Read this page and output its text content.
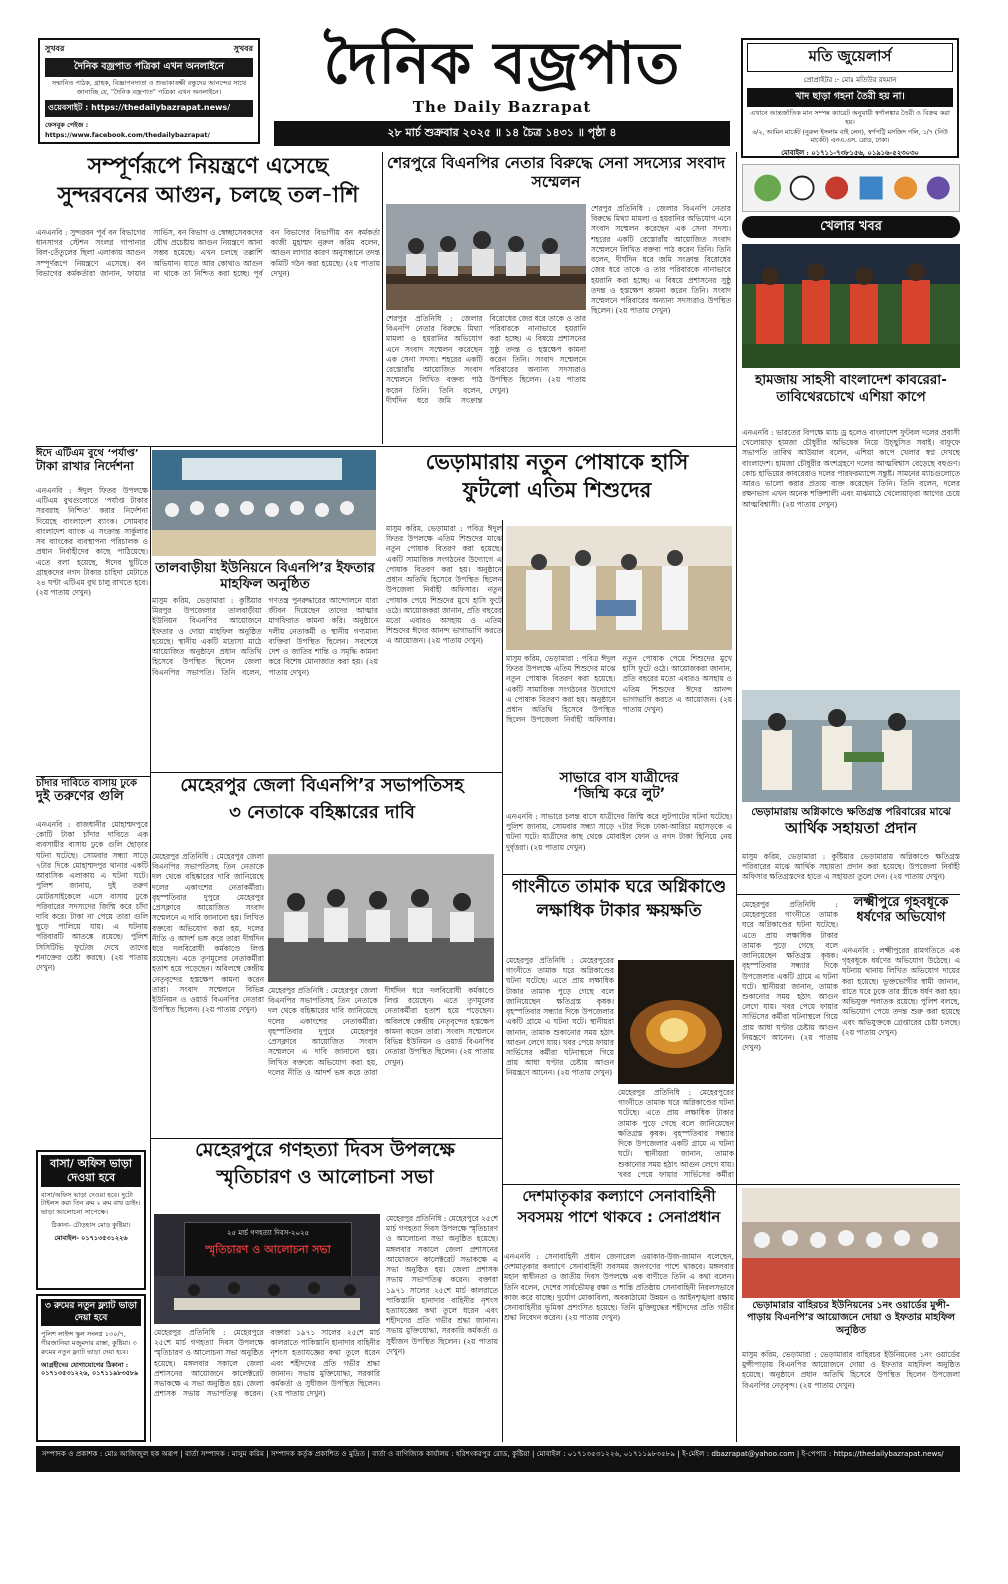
সুখবর	সুখবর
দৈনিক বজ্রপাত পত্রিকা এখন অনলাইনে
সম্মানিত পাঠক, গ্রাহক, বিজ্ঞাপনদাতা ও শুভাকাঙ্ক্ষী বন্ধুদের আনন্দের সাথে জানাচ্ছি যে, "দৈনিক বজ্রপাত" পত্রিকা এখন অনলাইনে।
ওয়েবসাইট : https://thedailybazrapat.news/
ফেসবুক পেইজ : https://www.facebook.com/thedailybazrapat/
দৈনিক বজ্রপাত
The Daily Bazrapat
২৮ মার্চ শুক্রবার ২০২৫ ॥ ১৪ চৈত্র ১৪৩১ ॥ পৃষ্ঠা ৪
মতি জুয়েলার্স
প্রোপ্রাইটর :- মোঃ মতিউর রহমান
খাদ ছাড়া গহনা তৈরী হয় না।
এখানে আন্তর্জাতিক মান সম্পন্ন ক্যারেট অনুযায়ী স্বর্ণালঙ্কার তৈরী ও বিক্রয় করা হয়।
৬/২, আমিন মার্কেট (নুরুল ইসলাম বাই লেন), স্বর্ণপট্টি মসজিদ গলি, ১/৭ (নিউ মার্কেট) এনএ.এস. রোড, ঢাকা।
মোবাইল : ০১৭১১-৭৩৮১৫৬, ০১৯১৬-৫২৩০৩০
সম্পূর্ণরূপে নিয়ন্ত্রণে এসেছে
সুন্দরবনের আগুন, চলছে তল-াশি
এনএনবি : সুন্দরবন পূর্ব বন বিভাগের ধানসাগর স্টেশন সংলগ্ন গাপানার বিল-তেঁতুলের ছিলা এলাকায় আগুন সম্পূর্ণরূপে নিয়ন্ত্রণে এসেছে। বন বিভাগের কর্মকর্তারা জানান, ফায়ার সার্ভিস, বন বিভাগ ও স্বেচ্ছাসেবকদের যৌথ প্রচেষ্টায় আগুন নিয়ন্ত্রণে আনা সম্ভব হয়েছে। এখন চলছে তল্লাশি অভিযান। যাতে আর কোথাও আগুন না থাকে তা নিশ্চিত করা হচ্ছে। পূর্ব বন বিভাগের বিভাগীয় বন কর্মকর্তা কাজী মুহাম্মদ নুরুল করিম বলেন, আগুন লাগার কারণ অনুসন্ধানে তদন্ত কমিটি গঠন করা হয়েছে। (২য় পাতায় দেখুন)
শেরপুরে বিএনপির নেতার বিরুদ্ধে সেনা সদস্যের সংবাদ সম্মেলন
শেরপুর প্রতিনিধি : জেলার বিএনপি নেতার বিরুদ্ধে মিথ্যা মামলা ও হয়রানির অভিযোগ এনে সংবাদ সম্মেলন করেছেন এক সেনা সদস্য। শহরের একটি রেস্তোরাঁয় আয়োজিত সংবাদ সম্মেলনে লিখিত বক্তব্য পাঠ করেন তিনি। তিনি বলেন, দীর্ঘদিন ধরে জমি সংক্রান্ত বিরোধের জের ধরে তাকে ও তার পরিবারকে নানাভাবে হয়রানি করা হচ্ছে। এ বিষয়ে প্রশাসনের সুষ্ঠু তদন্ত ও হস্তক্ষেপ কামনা করেন তিনি। সংবাদ সম্মেলনে পরিবারের অন্যান্য সদস্যরাও উপস্থিত ছিলেন। (২য় পাতায় দেখুন)
শেরপুর প্রতিনিধি : জেলার বিএনপি নেতার বিরুদ্ধে মিথ্যা মামলা ও হয়রানির অভিযোগ এনে সংবাদ সম্মেলন করেছেন এক সেনা সদস্য। শহরের একটি রেস্তোরাঁয় আয়োজিত সংবাদ সম্মেলনে লিখিত বক্তব্য পাঠ করেন তিনি। তিনি বলেন, দীর্ঘদিন ধরে জমি সংক্রান্ত বিরোধের জের ধরে তাকে ও তার পরিবারকে নানাভাবে হয়রানি করা হচ্ছে। এ বিষয়ে প্রশাসনের সুষ্ঠু তদন্ত ও হস্তক্ষেপ কামনা করেন তিনি। সংবাদ সম্মেলনে পরিবারের অন্যান্য সদস্যরাও উপস্থিত ছিলেন। (২য় পাতায় দেখুন)
ঈদে এটিএম বুথে ‘পর্যাপ্ত’
টাকা রাখার নির্দেশনা
এনএনবি : ঈদুল ফিতর উপলক্ষে এটিএম বুথগুলোতে ‘পর্যাপ্ত টাকার সরবরাহ নিশ্চিত’ করার নির্দেশনা দিয়েছে বাংলাদেশ ব্যাংক। সোমবার বাংলাদেশ ব্যাংক এ সংক্রান্ত সার্কুলার সব ব্যাংকের ব্যবস্থাপনা পরিচালক ও প্রধান নির্বাহীদের কাছে পাঠিয়েছে। এতে বলা হয়েছে, ঈদের ছুটিতে গ্রাহকদের নগদ টাকার চাহিদা মেটাতে ২৪ ঘণ্টা এটিএম বুথ চালু রাখতে হবে। (২য় পাতায় দেখুন)
তালবাড়ীয়া ইউনিয়নে বিএনপি’র ইফতার মাহফিল অনুষ্ঠিত
মাসুম করিম, ভেড়ামারা : কুষ্টিয়ার মিরপুর উপজেলার তালবাড়ীয়া ইউনিয়ন বিএনপির আয়োজনে ইফতার ও দোয়া মাহফিল অনুষ্ঠিত হয়েছে। স্থানীয় একটি মাদ্রাসা মাঠে আয়োজিত অনুষ্ঠানে প্রধান অতিথি হিসেবে উপস্থিত ছিলেন জেলা বিএনপির সভাপতি। তিনি বলেন, গণতন্ত্র পুনরুদ্ধারের আন্দোলনে যারা জীবন দিয়েছেন তাদের আত্মার মাগফিরাত কামনা করি। অনুষ্ঠানে দলীয় নেতাকর্মী ও স্থানীয় গণ্যমান্য ব্যক্তিরা উপস্থিত ছিলেন। সবশেষে দেশ ও জাতির শান্তি ও সমৃদ্ধি কামনা করে বিশেষ মোনাজাত করা হয়। (২য় পাতায় দেখুন)
ভেড়ামারায় নতুন পোষাকে হাসি
ফুটলো এতিম শিশুদের
মাসুম করিম, ভেড়ামারা : পবিত্র ঈদুল ফিতর উপলক্ষে এতিম শিশুদের মাঝে নতুন পোষাক বিতরণ করা হয়েছে। একটি সামাজিক সংগঠনের উদ্যোগে এ পোষাক বিতরণ করা হয়। অনুষ্ঠানে প্রধান অতিথি হিসেবে উপস্থিত ছিলেন উপজেলা নির্বাহী অফিসার। নতুন পোষাক পেয়ে শিশুদের মুখে হাসি ফুটে ওঠে। আয়োজকরা জানান, প্রতি বছরের মতো এবারও অসহায় ও এতিম শিশুদের ঈদের আনন্দ ভাগাভাগি করতে এ আয়োজন। (২য় পাতায় দেখুন)
মাসুম করিম, ভেড়ামারা : পবিত্র ঈদুল ফিতর উপলক্ষে এতিম শিশুদের মাঝে নতুন পোষাক বিতরণ করা হয়েছে। একটি সামাজিক সংগঠনের উদ্যোগে এ পোষাক বিতরণ করা হয়। অনুষ্ঠানে প্রধান অতিথি হিসেবে উপস্থিত ছিলেন উপজেলা নির্বাহী অফিসার। নতুন পোষাক পেয়ে শিশুদের মুখে হাসি ফুটে ওঠে। আয়োজকরা জানান, প্রতি বছরের মতো এবারও অসহায় ও এতিম শিশুদের ঈদের আনন্দ ভাগাভাগি করতে এ আয়োজন। (২য় পাতায় দেখুন)
চাঁদার দাবিতে বাসায় ঢুকে
দুই তরুণের গুলি
এনএনবি : রাজধানীর মোহাম্মদপুরে কোটি টাকা চাঁদার দাবিতে এক ব্যবসায়ীর বাসায় ঢুকে গুলি ছোড়ার ঘটনা ঘটেছে। সোমবার সন্ধ্যা সাড়ে ৭টার দিকে মোহাম্মদপুর থানার একটি আবাসিক এলাকায় এ ঘটনা ঘটে। পুলিশ জানায়, দুই তরুণ মোটরসাইকেলে এসে বাসায় ঢুকে পরিবারের সদস্যদের জিম্মি করে চাঁদা দাবি করে। টাকা না পেয়ে তারা গুলি ছুড়ে পালিয়ে যায়। এ ঘটনায় পরিবারটি আতঙ্কে রয়েছে। পুলিশ সিসিটিভি ফুটেজ দেখে তাদের শনাক্তের চেষ্টা করছে। (২য় পাতায় দেখুন)
সাভারে বাস যাত্রীদের
‘জিম্মি করে লুট’
এনএনবি : সাভারে চলন্ত বাসে যাত্রীদের জিম্মি করে লুটপাটের ঘটনা ঘটেছে। পুলিশ জানায়, সোমবার সন্ধ্যা সাড়ে ৭টার দিকে ঢাকা-আরিচা মহাসড়কে এ ঘটনা ঘটে। যাত্রীদের কাছ থেকে মোবাইল ফোন ও নগদ টাকা ছিনিয়ে নেয় দুর্বৃত্তরা। (২য় পাতায় দেখুন)
মেহেরপুর জেলা বিএনপি’র সভাপতিসহ
৩ নেতাকে বহিষ্কারের দাবি
মেহেরপুর প্রতিনিধি : মেহেরপুর জেলা বিএনপির সভাপতিসহ তিন নেতাকে দল থেকে বহিষ্কারের দাবি জানিয়েছে দলের একাংশের নেতাকর্মীরা। বৃহস্পতিবার দুপুরে মেহেরপুর প্রেসক্লাবে আয়োজিত সংবাদ সম্মেলনে এ দাবি জানানো হয়। লিখিত বক্তব্যে অভিযোগ করা হয়, দলের নীতি ও আদর্শ ভঙ্গ করে তারা দীর্ঘদিন ধরে দলবিরোধী কর্মকাণ্ডে লিপ্ত রয়েছেন। এতে তৃণমূলের নেতাকর্মীরা হতাশ হয়ে পড়েছেন। অবিলম্বে কেন্দ্রীয় নেতৃবৃন্দের হস্তক্ষেপ কামনা করেন তারা। সংবাদ সম্মেলনে বিভিন্ন ইউনিয়ন ও ওয়ার্ড বিএনপির নেতারা উপস্থিত ছিলেন। (২য় পাতায় দেখুন)
মেহেরপুর প্রতিনিধি : মেহেরপুর জেলা বিএনপির সভাপতিসহ তিন নেতাকে দল থেকে বহিষ্কারের দাবি জানিয়েছে দলের একাংশের নেতাকর্মীরা। বৃহস্পতিবার দুপুরে মেহেরপুর প্রেসক্লাবে আয়োজিত সংবাদ সম্মেলনে এ দাবি জানানো হয়। লিখিত বক্তব্যে অভিযোগ করা হয়, দলের নীতি ও আদর্শ ভঙ্গ করে তারা দীর্ঘদিন ধরে দলবিরোধী কর্মকাণ্ডে লিপ্ত রয়েছেন। এতে তৃণমূলের নেতাকর্মীরা হতাশ হয়ে পড়েছেন। অবিলম্বে কেন্দ্রীয় নেতৃবৃন্দের হস্তক্ষেপ কামনা করেন তারা। সংবাদ সম্মেলনে বিভিন্ন ইউনিয়ন ও ওয়ার্ড বিএনপির নেতারা উপস্থিত ছিলেন। (২য় পাতায় দেখুন)
গাংনীতে তামাক ঘরে অগ্নিকাণ্ডে
লক্ষাধিক টাকার ক্ষয়ক্ষতি
মেহেরপুর প্রতিনিধি : মেহেরপুরের গাংনীতে তামাক ঘরে অগ্নিকাণ্ডের ঘটনা ঘটেছে। এতে প্রায় লক্ষাধিক টাকার তামাক পুড়ে গেছে বলে জানিয়েছেন ক্ষতিগ্রস্ত কৃষক। বৃহস্পতিবার সন্ধ্যার দিকে উপজেলার একটি গ্রামে এ ঘটনা ঘটে। স্থানীয়রা জানান, তামাক শুকানোর সময় হঠাৎ আগুন লেগে যায়। খবর পেয়ে ফায়ার সার্ভিসের কর্মীরা ঘটনাস্থলে গিয়ে প্রায় আধা ঘণ্টার চেষ্টায় আগুন নিয়ন্ত্রণে আনেন। (২য় পাতায় দেখুন)
মেহেরপুর প্রতিনিধি : মেহেরপুরের গাংনীতে তামাক ঘরে অগ্নিকাণ্ডের ঘটনা ঘটেছে। এতে প্রায় লক্ষাধিক টাকার তামাক পুড়ে গেছে বলে জানিয়েছেন ক্ষতিগ্রস্ত কৃষক। বৃহস্পতিবার সন্ধ্যার দিকে উপজেলার একটি গ্রামে এ ঘটনা ঘটে। স্থানীয়রা জানান, তামাক শুকানোর সময় হঠাৎ আগুন লেগে যায়। খবর পেয়ে ফায়ার সার্ভিসের কর্মীরা
বাসা/ অফিস ভাড়া দেওয়া হবে
বাসা/অফিস ভাড়া দেওয়া হবে। দুটো টাইলস করা তিন রুম ২ রুম বাথ ডাইং। ভাড়া আলোচনা সাপেক্ষে।
ঠিকানা- চৌড়হাস মোড় কুষ্টিয়া।
মোবাইল- ০১৭১৩৫৩১২২৬
৩ রুমের নতুন ফ্ল্যাট ভাড়া দেয়া হবে
পুলিশ লাইন্স স্কুল সংলগ্ন ১৩০/৭, গীরজানিয়া মজুমদার রাস্তা, কুষ্টিয়া। ৩ রুমের নতুন ফ্ল্যাট ভাড়া দেয়া হবে।
আগ্রহীদের যোগাযোগের ঠিকানা : ০১৭১৩৫৩১২২৬, ০১৭১১৯৮৩৫৮৯
মেহেরপুরে গণহত্যা দিবস উপলক্ষে
স্মৃতিচারণ ও আলোচনা সভা
২৫ মার্চ গণহত্যা দিবস-২০২৫
স্মৃতিচারণ ও আলোচনা সভা
মেহেরপুর প্রতিনিধি : মেহেরপুরে ২৫শে মার্চ গণহত্যা দিবস উপলক্ষে স্মৃতিচারণ ও আলোচনা সভা অনুষ্ঠিত হয়েছে। মঙ্গলবার সকালে জেলা প্রশাসনের আয়োজনে কালেক্টরেট সভাকক্ষে এ সভা অনুষ্ঠিত হয়। জেলা প্রশাসক সভায় সভাপতিত্ব করেন। বক্তারা ১৯৭১ সালের ২৫শে মার্চ কালরাতে পাকিস্তানি হানাদার বাহিনীর নৃশংস হত্যাযজ্ঞের কথা তুলে ধরেন এবং শহীদদের প্রতি গভীর শ্রদ্ধা জানান। সভায় মুক্তিযোদ্ধা, সরকারি কর্মকর্তা ও সুধীজন উপস্থিত ছিলেন। (২য় পাতায় দেখুন)
মেহেরপুর প্রতিনিধি : মেহেরপুরে ২৫শে মার্চ গণহত্যা দিবস উপলক্ষে স্মৃতিচারণ ও আলোচনা সভা অনুষ্ঠিত হয়েছে। মঙ্গলবার সকালে জেলা প্রশাসনের আয়োজনে কালেক্টরেট সভাকক্ষে এ সভা অনুষ্ঠিত হয়। জেলা প্রশাসক সভায় সভাপতিত্ব করেন। বক্তারা ১৯৭১ সালের ২৫শে মার্চ কালরাতে পাকিস্তানি হানাদার বাহিনীর নৃশংস হত্যাযজ্ঞের কথা তুলে ধরেন এবং শহীদদের প্রতি গভীর শ্রদ্ধা জানান। সভায় মুক্তিযোদ্ধা, সরকারি কর্মকর্তা ও সুধীজন উপস্থিত ছিলেন। (২য় পাতায় দেখুন)
দেশমাতৃকার কল্যাণে সেনাবাহিনী
সবসময় পাশে থাকবে : সেনাপ্রধান
এনএনবি : সেনাবাহিনী প্রধান জেনারেল ওয়াকার-উজ-জামান বলেছেন, দেশমাতৃকার কল্যাণে সেনাবাহিনী সবসময় জনগণের পাশে থাকবে। মঙ্গলবার মহান স্বাধীনতা ও জাতীয় দিবস উপলক্ষে এক বাণীতে তিনি এ কথা বলেন। তিনি বলেন, দেশের সার্বভৌমত্ব রক্ষা ও শান্তি প্রতিষ্ঠায় সেনাবাহিনী নিরলসভাবে কাজ করে যাচ্ছে। দুর্যোগ মোকাবিলা, অবকাঠামো উন্নয়ন ও আইনশৃঙ্খলা রক্ষায় সেনাবাহিনীর ভূমিকা প্রশংসিত হয়েছে। তিনি মুক্তিযুদ্ধের শহীদদের প্রতি গভীর শ্রদ্ধা নিবেদন করেন। (২য় পাতায় দেখুন)
খেলার খবর
হামজায় সাহসী বাংলাদেশ কাবরেরা-তাবিথেরচোখে এশিয়া কাপে
এনএনবি : ভারতের বিপক্ষে ম্যাচ ড্র হলেও বাংলাদেশ ফুটবল দলের প্রবাসী খেলোয়াড় হামজা চৌধুরীর অভিষেক নিয়ে উচ্ছ্বসিত সবাই। বাফুফে সভাপতি তাবিথ আউয়াল বলেন, এশিয়া কাপে খেলার স্বপ্ন দেখছে বাংলাদেশ। হামজা চৌধুরীর অংশগ্রহণে দলের আত্মবিশ্বাস বেড়েছে বহুগুণ। কোচ হাভিয়ের কাবরেরাও দলের পারফরম্যান্সে সন্তুষ্ট। সামনের ম্যাচগুলোতে আরও ভালো করার প্রত্যয় ব্যক্ত করেছেন তিনি। তিনি বলেন, দলের রক্ষণভাগ এখন অনেক শক্তিশালী এবং মাঝমাঠে খেলোয়াড়রা আগের চেয়ে আত্মবিশ্বাসী। (২য় পাতায় দেখুন)
ভেড়ামারায় অগ্নিকাণ্ডে ক্ষতিগ্রস্ত পরিবারের মাঝে
আর্থিক সহায়তা প্রদান
মাসুম করিম, ভেড়ামারা : কুষ্টিয়ার ভেড়ামারায় অগ্নিকাণ্ডে ক্ষতিগ্রস্ত পরিবারের মাঝে আর্থিক সহায়তা প্রদান করা হয়েছে। উপজেলা নির্বাহী অফিসার ক্ষতিগ্রস্তদের হাতে এ সহায়তা তুলে দেন। (২য় পাতায় দেখুন)
লক্ষ্মীপুরে গৃহবধূকে
ধর্ষণের অভিযোগ
এনএনবি : লক্ষ্মীপুরের রামগতিতে এক গৃহবধূকে ধর্ষণের অভিযোগ উঠেছে। এ ঘটনায় থানায় লিখিত অভিযোগ দায়ের করা হয়েছে। ভুক্তভোগীর স্বামী জানান, রাতে ঘরে ঢুকে তার স্ত্রীকে ধর্ষণ করা হয়। অভিযুক্ত পলাতক রয়েছে। পুলিশ বলছে, অভিযোগ পেয়ে তদন্ত শুরু করা হয়েছে এবং অভিযুক্তকে গ্রেপ্তারের চেষ্টা চলছে। (২য় পাতায় দেখুন)
মেহেরপুর প্রতিনিধি : মেহেরপুরের গাংনীতে তামাক ঘরে অগ্নিকাণ্ডের ঘটনা ঘটেছে। এতে প্রায় লক্ষাধিক টাকার তামাক পুড়ে গেছে বলে জানিয়েছেন ক্ষতিগ্রস্ত কৃষক। বৃহস্পতিবার সন্ধ্যার দিকে উপজেলার একটি গ্রামে এ ঘটনা ঘটে। স্থানীয়রা জানান, তামাক শুকানোর সময় হঠাৎ আগুন লেগে যায়। খবর পেয়ে ফায়ার সার্ভিসের কর্মীরা ঘটনাস্থলে গিয়ে প্রায় আধা ঘণ্টার চেষ্টায় আগুন নিয়ন্ত্রণে আনেন। (২য় পাতায় দেখুন)
ভেড়ামারার বাহিরচর ইউনিয়নের ১নং ওয়ার্ডের মুন্সী-পাড়ায় বিএনপি’র আয়োজনে দোয়া ও ইফতার মাহফিল অনুষ্ঠিত
মাসুম করিম, ভেড়ামারা : ভেড়ামারার বাহিরচর ইউনিয়নের ১নং ওয়ার্ডের মুন্সীপাড়ায় বিএনপির আয়োজনে দোয়া ও ইফতার মাহফিল অনুষ্ঠিত হয়েছে। অনুষ্ঠানে প্রধান অতিথি হিসেবে উপস্থিত ছিলেন উপজেলা বিএনপির নেতৃবৃন্দ। (২য় পাতায় দেখুন)
সম্পাদক ও প্রকাশক : মোঃ আজিজুল হক অরূপ | বার্তা সম্পাদক : মাসুম করিম | সম্পাদক কর্তৃক প্রকাশিত ও মুদ্রিত | বার্তা ও বাণিজ্যিক কার্যালয় : হরিশংকরপুর রোড, কুষ্টিয়া | মোবাইল : ০১৭১৩৫৩১২২৬, ০১৭১১৯৮৩৫৮৯ | ই-মেইল : dbazrapat@yahoo.com | ই-পেপার : https://thedailybazrapat.news/
